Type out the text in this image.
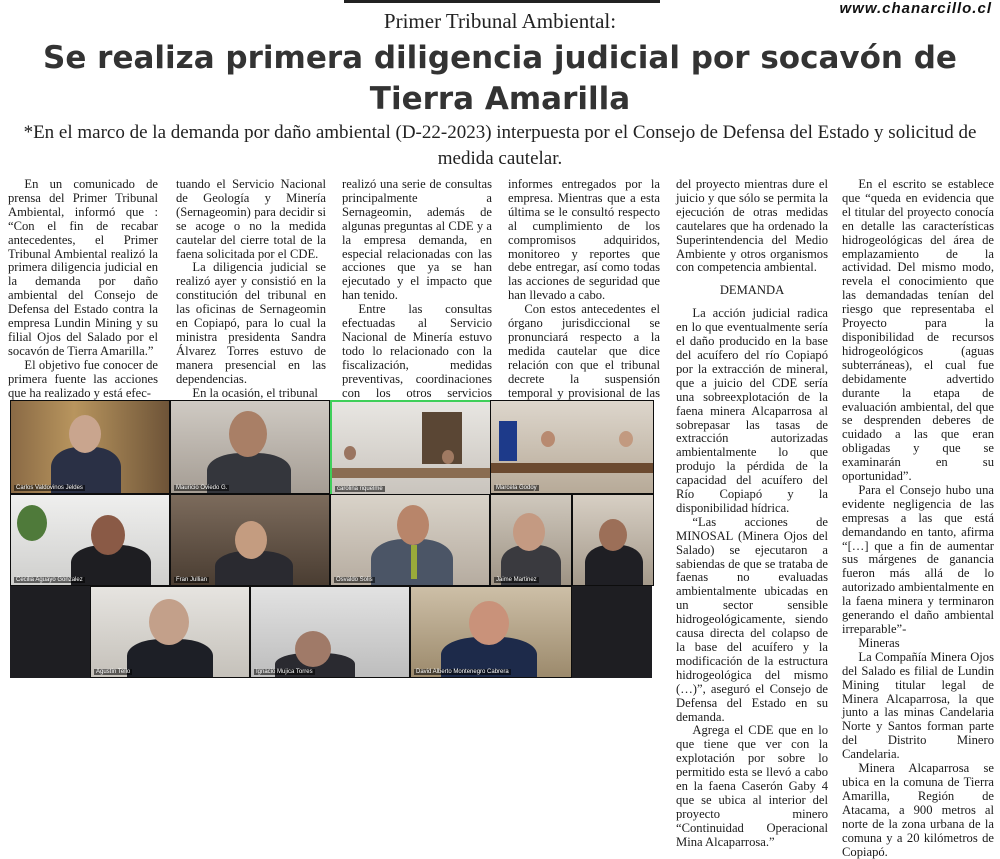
www.chanarcillo.cl
Primer Tribunal Ambiental:
Se realiza primera diligencia judicial por socavón de Tierra Amarilla
*En el marco de la demanda por daño ambiental (D-22-2023) interpuesta por el Consejo de Defensa del Estado y solicitud de medida cautelar.

En un comunicado de prensa del Primer Tribunal Ambiental, informó que : “Con el fin de recabar antecedentes, el Primer Tribunal Ambiental realizó la primera diligencia judicial en la demanda por daño ambiental del Consejo de Defensa del Estado contra la empresa Lundin Mining y su filial Ojos del Salado por el socavón de Tierra Amarilla.”

El objetivo fue conocer de primera fuente las acciones que ha realizado y está efec-

tuando el Servicio Nacional de Geología y Minería (Sernageomin) para decidir si se acoge o no la medida cautelar del cierre total de la faena solicitada por el CDE.

La diligencia judicial se realizó ayer y consistió en la constitución del tribunal en las oficinas de Sernageomin en Copiapó, para lo cual la ministra presidenta Sandra Álvarez Torres estuvo de manera presencial en las dependencias.

En la ocasión, el tribunal

realizó una serie de consultas principalmente a Sernageomin, además de algunas preguntas al CDE y a la empresa demanda, en especial relacionadas con las acciones que ya se han ejecutado y el impacto que han tenido.

Entre las consultas efectuadas al Servicio Nacional de Minería estuvo todo lo relacionado con la fiscalización, medidas preventivas, coordinaciones con los otros servicios

informes entregados por la empresa. Mientras que a esta última se le consultó respecto al cumplimiento de los compromisos adquiridos, monitoreo y reportes que debe entregar, así como todas las acciones de seguridad que han llevado a cabo.

Con estos antecedentes el órgano jurisdiccional se pronunciará respecto a la medida cautelar que dice relación con que el tribunal decrete la suspensión temporal y provisional de las

Carlos Valdovinos Jeldes	Mauricio Oviedo G.	carolina riquelme	Marcela Godoy
Cecilia Aguayo Gonzalez	Fran Jullian	Osvaldo Solis	Jaime Martinez
Agustín Tello	Ignacio Mujica Torres	David Alberto Montenegro Cabrera

del proyecto mientras dure el juicio y que sólo se permita la ejecución de otras medidas cautelares que ha ordenado la Superintendencia del Medio Ambiente y otros organismos con competencia ambiental.

DEMANDA

La acción judicial radica en lo que eventualmente sería el daño producido en la base del acuífero del río Copiapó por la extracción de mineral, que a juicio del CDE sería una sobreexplotación de la faena minera Alcaparrosa al sobrepasar las tasas de extracción autorizadas ambientalmente lo que produjo la pérdida de la capacidad del acuífero del Río Copiapó y la disponibilidad hídrica.

“Las acciones de MINOSAL (Minera Ojos del Salado) se ejecutaron a sabiendas de que se trataba de faenas no evaluadas ambientalmente ubicadas en un sector sensible hidrogeológicamente, siendo causa directa del colapso de la base del acuífero y la modificación de la estructura hidrogeológica del mismo (…)”, aseguró el Consejo de Defensa del Estado en su demanda.

Agrega el CDE que en lo que tiene que ver con la explotación por sobre lo permitido esta se llevó a cabo en la faena Caserón Gaby 4 que se ubica al interior del proyecto minero “Continuidad Operacional Mina Alcaparrosa.”

En el escrito se establece que “queda en evidencia que el titular del proyecto conocía en detalle las características hidrogeológicas del área de emplazamiento de la actividad. Del mismo modo, revela el conocimiento que las demandadas tenían del riesgo que representaba el Proyecto para la disponibilidad de recursos hidrogeológicos (aguas subterráneas), el cual fue debidamente advertido durante la etapa de evaluación ambiental, del que se desprenden deberes de cuidado a las que eran obligadas y que se examinarán en su oportunidad”.

Para el Consejo hubo una evidente negligencia de las empresas a las que está demandando en tanto, afirma “[…] que a fin de aumentar sus márgenes de ganancia fueron más allá de lo autorizado ambientalmente en la faena minera y terminaron generando el daño ambiental irreparable”-

Mineras

La Compañía Minera Ojos del Salado es filial de Lundin Mining titular legal de Minera Alcaparrosa, la que junto a las minas Candelaria Norte y Santos forman parte del Distrito Minero Candelaria.

Minera Alcaparrosa se ubica en la comuna de Tierra Amarilla, Región de Atacama, a 900 metros al norte de la zona urbana de la comuna y a 20 kilómetros de Copiapó.
